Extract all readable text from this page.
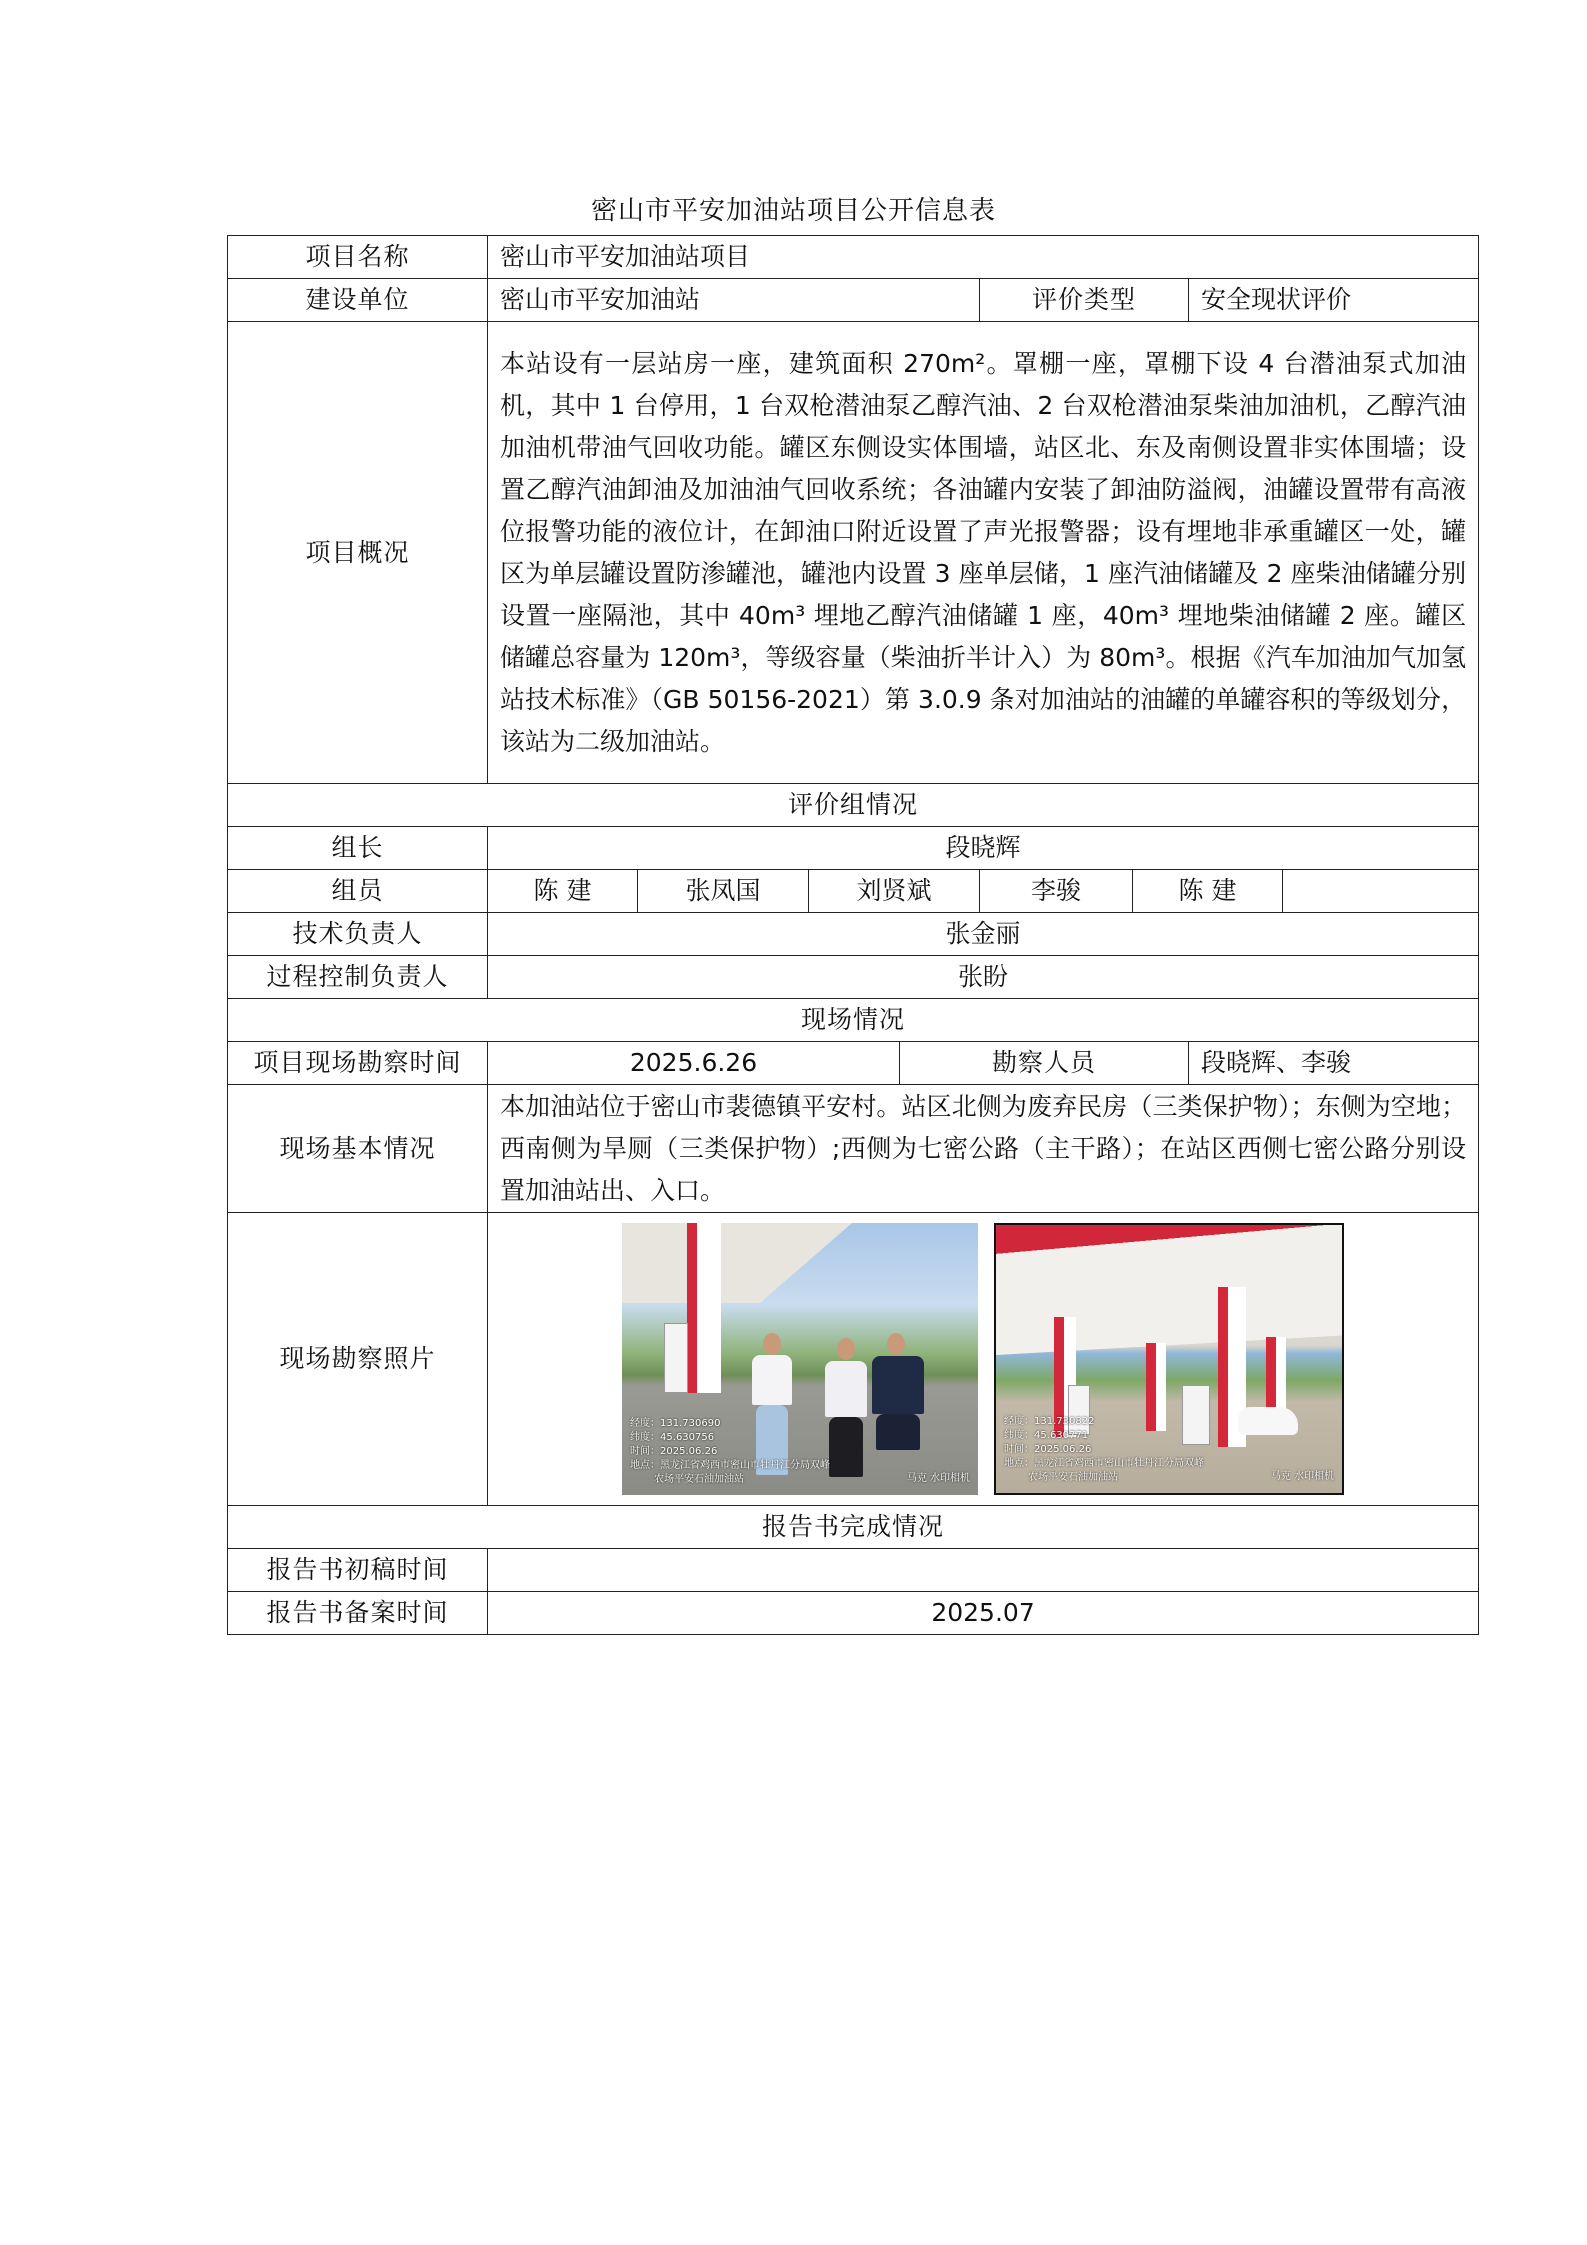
密山市平安加油站项目公开信息表
项目名称	密山市平安加油站项目							
建设单位	密山市平安加油站				评价类型		安全现状评价	
项目概况	本站设有一层站房一座，建筑面积 270m²。罩棚一座，罩棚下设 4 台潜油泵式加油机，其中 1 台停用，1 台双枪潜油泵乙醇汽油、2 台双枪潜油泵柴油加油机，乙醇汽油加油机带油气回收功能。罐区东侧设实体围墙，站区北、东及南侧设置非实体围墙；设置乙醇汽油卸油及加油油气回收系统；各油罐内安装了卸油防溢阀，油罐设置带有高液位报警功能的液位计，在卸油口附近设置了声光报警器；设有埋地非承重罐区一处，罐区为单层罐设置防渗罐池，罐池内设置 3 座单层储，1 座汽油储罐及 2 座柴油储罐分别设置一座隔池，其中 40m³ 埋地乙醇汽油储罐 1 座，40m³ 埋地柴油储罐 2 座。罐区储罐总容量为 120m³，等级容量（柴油折半计入）为 80m³。根据《汽车加油加气加氢站技术标准》（GB 50156-2021）第 3.0.9 条对加油站的油罐的单罐容积的等级划分，该站为二级加油站。							
评价组情况								
组长	段晓辉							
组员	陈 建	张凤国	刘贤斌		李骏	陈 建		
技术负责人	张金丽							
过程控制负责人	张盼							
现场情况								
项目现场勘察时间	2025.6.26			勘察人员			段晓辉、李骏	
现场基本情况	本加油站位于密山市裴德镇平安村。站区北侧为废弃民房（三类保护物）；东侧为空地；西南侧为旱厕（三类保护物）;西侧为七密公路（主干路）；在站区西侧七密公路分别设置加油站出、入口。							
现场勘察照片	
经度：131.730690
纬度：45.630756
时间：2025.06.26
地点：黑龙江省鸡西市密山市牡丹江分局双峰
农场平安石油加油站	马克 水印相机
经度：131.730822
纬度：45.630771
时间：2025.06.26
地点：黑龙江省鸡西市密山市牡丹江分局双峰
农场平安石油加油站	马克 水印相机

报告书完成情况								
报告书初稿时间								
报告书备案时间	2025.07							
